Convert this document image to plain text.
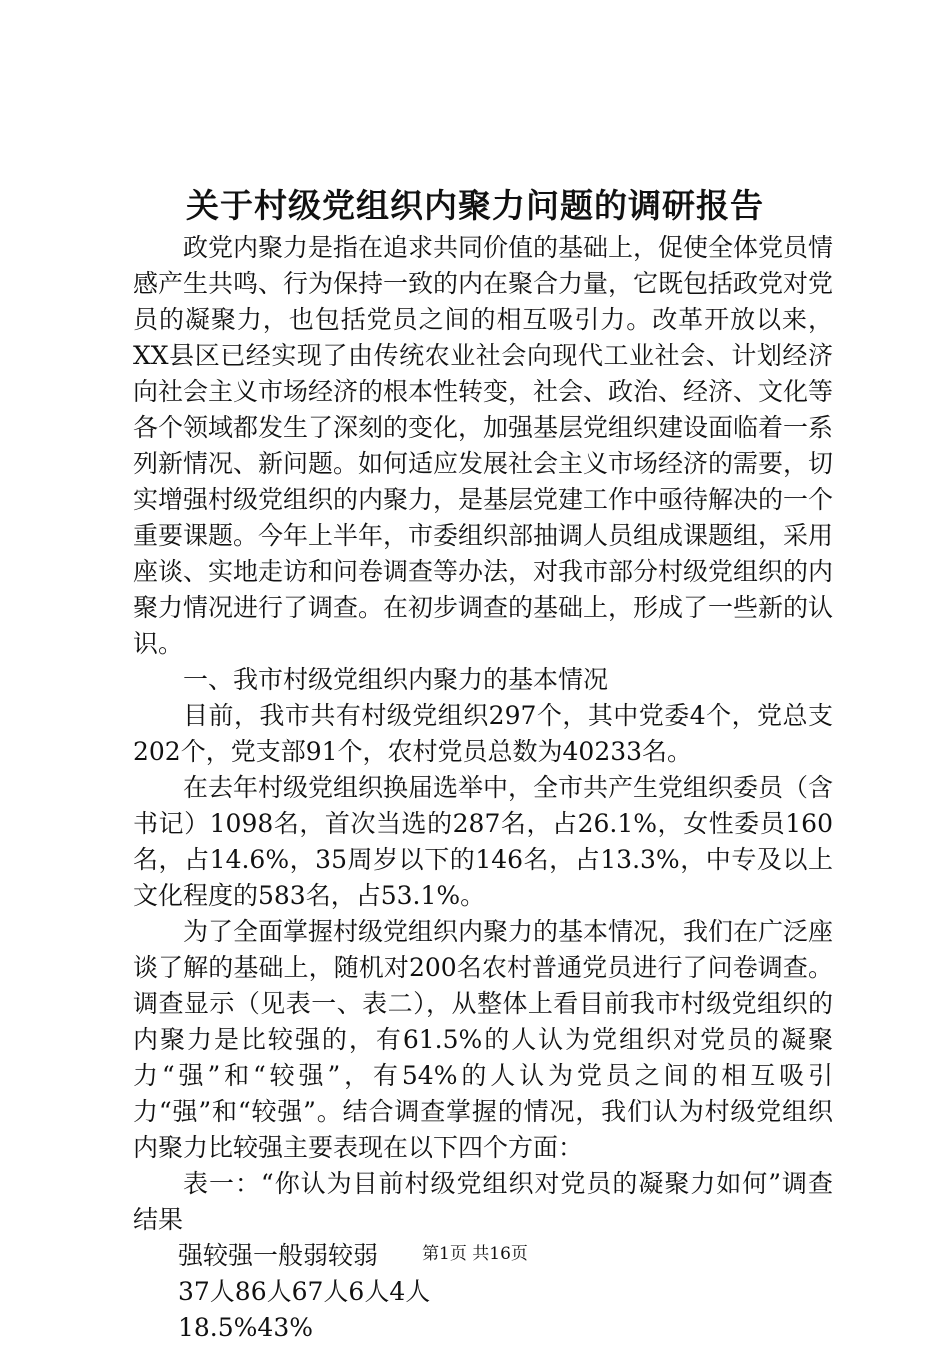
关于村级党组织内聚力问题的调研报告

政党内聚力是指在追求共同价值的基础上，促使全体党员情感产生共鸣、行为保持一致的内在聚合力量，它既包括政党对党员的凝聚力，也包括党员之间的相互吸引力。改革开放以来，XX县区已经实现了由传统农业社会向现代工业社会、计划经济向社会主义市场经济的根本性转变，社会、政治、经济、文化等各个领域都发生了深刻的变化，加强基层党组织建设面临着一系列新情况、新问题。如何适应发展社会主义市场经济的需要，切实增强村级党组织的内聚力，是基层党建工作中亟待解决的一个重要课题。今年上半年，市委组织部抽调人员组成课题组，采用座谈、实地走访和问卷调查等办法，对我市部分村级党组织的内聚力情况进行了调查。在初步调查的基础上，形成了一些新的认识。

一、我市村级党组织内聚力的基本情况

目前，我市共有村级党组织297个，其中党委4个，党总支202个，党支部91个，农村党员总数为40233名。

在去年村级党组织换届选举中，全市共产生党组织委员（含书记）1098名，首次当选的287名，占26.1%，女性委员160名，占14.6%，35周岁以下的146名，占13.3%，中专及以上文化程度的583名，占53.1%。

为了全面掌握村级党组织内聚力的基本情况，我们在广泛座谈了解的基础上，随机对200名农村普通党员进行了问卷调查。调查显示（见表一、表二），从整体上看目前我市村级党组织的内聚力是比较强的，有61.5%的人认为党组织对党员的凝聚力“强”和“较强”，有54%的人认为党员之间的相互吸引力“强”和“较强”。结合调查掌握的情况，我们认为村级党组织内聚力比较强主要表现在以下四个方面：

表一：“你认为目前村级党组织对党员的凝聚力如何”调查结果

强较强一般弱较弱

37人86人67人6人4人

18.5%43%

第1页 共16页
